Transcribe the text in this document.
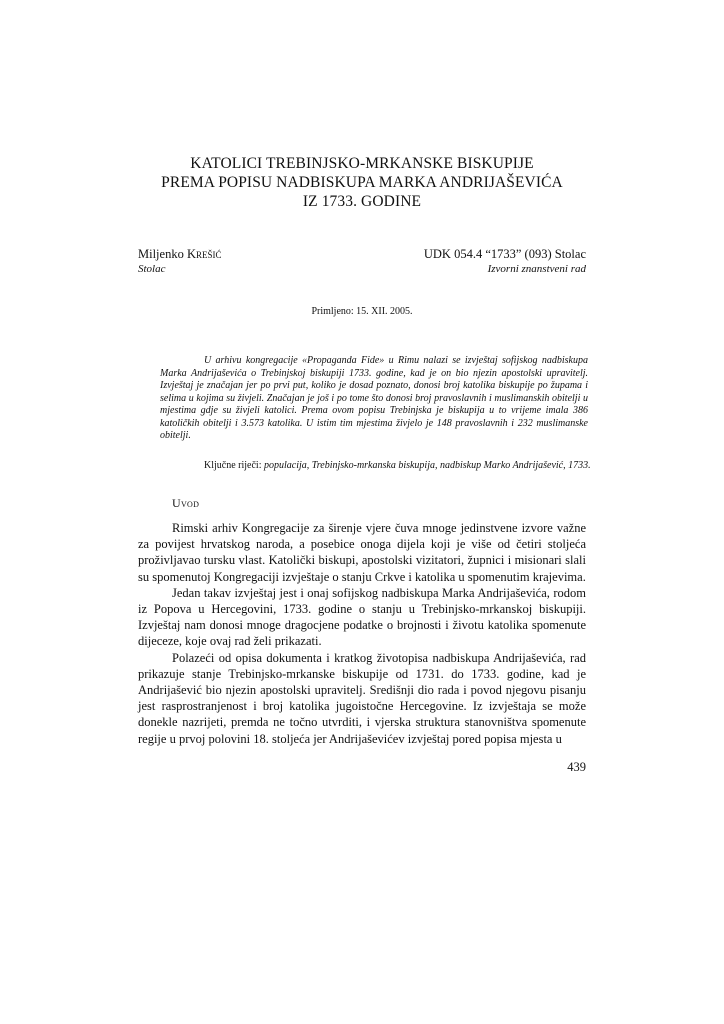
KATOLICI TREBINJSKO-MRKANSKE BISKUPIJE
PREMA POPISU NADBISKUPA MARKA ANDRIJAŠEVIĆA
IZ 1733. GODINE
Miljenko Krešić
Stolac
UDK 054.4 “1733” (093) Stolac
Izvorni znanstveni rad
Primljeno: 15. XII. 2005.

U arhivu kongregacije «Propaganda Fide» u Rimu nalazi se izvještaj sofijskog nadbiskupa Marka Andrijaševića o Trebinjskoj biskupiji 1733. godine, kad je on bio njezin apostolski upravitelj. Izvještaj je značajan jer po prvi put, koliko je dosad poznato, donosi broj katolika biskupije po župama i selima u kojima su živjeli. Značajan je još i po tome što donosi broj pravoslavnih i muslimanskih obitelji u mjestima gdje su živjeli katolici. Prema ovom popisu Trebinjska je biskupija u to vrijeme imala 386 katoličkih obitelji i 3.573 katolika. U istim tim mjestima živjelo je 148 pravoslavnih i 232 muslimanske obitelji.

Ključne riječi: populacija, Trebinjsko-mrkanska biskupija, nadbiskup Marko Andrijašević, 1733.
Uvod

Rimski arhiv Kongregacije za širenje vjere čuva mnoge jedinstvene izvore važne za povijest hrvatskog naroda, a posebice onoga dijela koji je više od četiri stoljeća proživljavao tursku vlast. Katolički biskupi, apostolski vizitatori, župnici i misionari slali su spomenutoj Kongregaciji izvještaje o stanju Crkve i katolika u spomenutim krajevima.

Jedan takav izvještaj jest i onaj sofijskog nadbiskupa Marka Andrijaševića, rodom iz Popova u Hercegovini, 1733. godine o stanju u Trebinjsko-mrkanskoj biskupiji. Izvještaj nam donosi mnoge dragocjene podatke o brojnosti i životu katolika spomenute dijeceze, koje ovaj rad želi prikazati.

Polazeći od opisa dokumenta i kratkog životopisa nadbiskupa Andrijaševića, rad prikazuje stanje Trebinjsko-mrkanske biskupije od 1731. do 1733. godine, kad je Andrijašević bio njezin apostolski upravitelj. Središnji dio rada i povod njegovu pisanju jest rasprostranjenost i broj katolika jugoistočne Hercegovine. Iz izvještaja se može donekle nazrijeti, premda ne točno utvrditi, i vjerska struktura stanovništva spomenute regije u prvoj polovini 18. stoljeća jer Andrijaševićev izvještaj pored popisa mjesta u

439
